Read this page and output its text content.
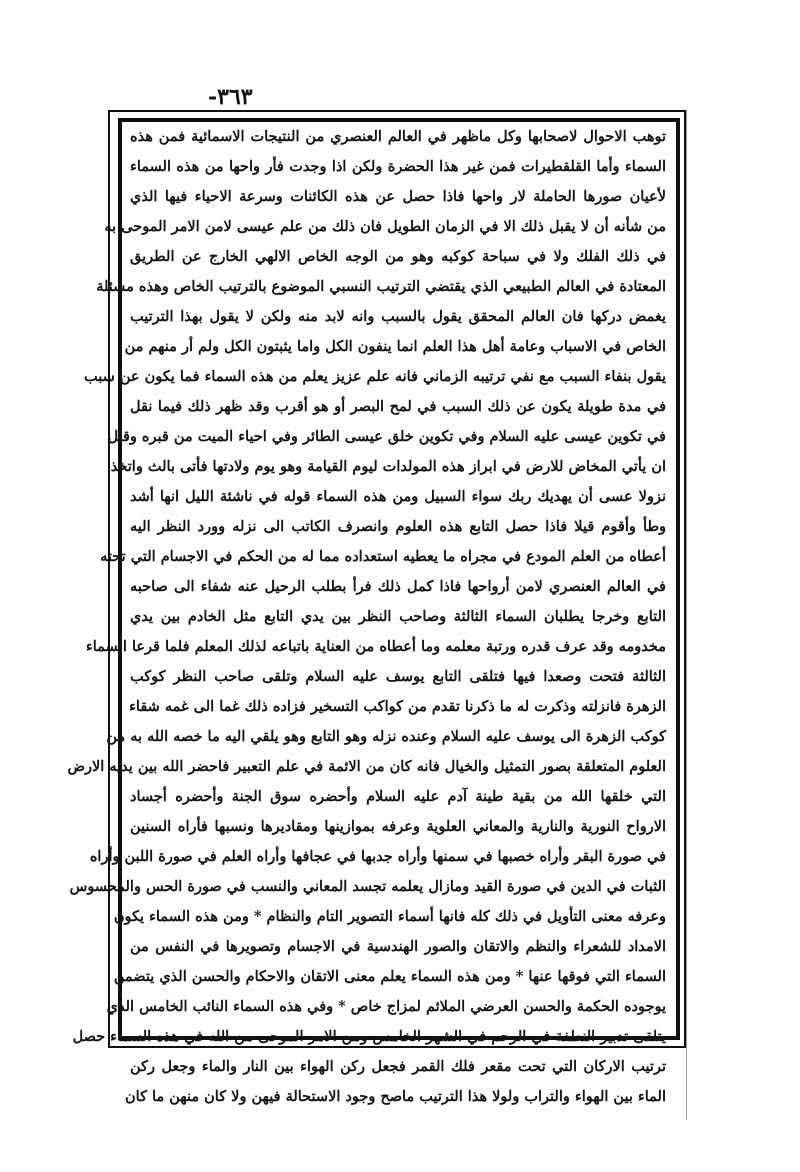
-٣٦٣
توهب الاحوال لاصحابها وكل ماظهر في العالم العنصري من النتيجات الاسمائية فمن هذه
السماء وأما القلقطيرات فمن غير هذا الحضرة ولكن اذا وجدت فأر واحها من هذه السماء
لأعيان صورها الحاملة لار واحها فاذا حصل عن هذه الكائنات وسرعة الاحياء فيها الذي
من شأنه أن لا يقبل ذلك الا في الزمان الطويل فان ذلك من علم عيسى لامن الامر الموحى به
في ذلك الفلك ولا في سباحة كوكبه وهو من الوجه الخاص الالهي الخارج عن الطريق
المعتادة في العالم الطبيعي الذي يقتضي الترتيب النسبي الموضوع بالترتيب الخاص وهذه مسئلة
يغمض دركها فان العالم المحقق يقول بالسبب وانه لابد منه ولكن لا يقول بهذا الترتيب
الخاص في الاسباب وعامة أهل هذا العلم انما ينفون الكل واما يثبتون الكل ولم أر منهم من
يقول بنفاء السبب مع نفي ترتيبه الزماني فانه علم عزيز يعلم من هذه السماء فما يكون عن سبب
في مدة طويلة يكون عن ذلك السبب في لمح البصر أو هو أقرب وقد ظهر ذلك فيما نقل
في تكوين عيسى عليه السلام وفي تكوين خلق عيسى الطائر وفي احياء الميت من قبره وقبل
ان يأتي المخاض للارض في ابراز هذه المولدات ليوم القيامة وهو يوم ولادتها فأتى بالث واتخذ
نزولا عسى أن يهديك ربك سواء السبيل ومن هذه السماء قوله في ناشئة الليل انها أشد
وطأ وأقوم قيلا فاذا حصل التابع هذه العلوم وانصرف الكاتب الى نزله وورد النظر اليه
أعطاه من العلم المودع في مجراه ما يعطيه استعداده مما له من الحكم في الاجسام التي تحته
في العالم العنصري لامن أرواحها فاذا كمل ذلك فرأ بطلب الرحيل عنه شفاء الى صاحبه
التابع وخرجا يطلبان السماء الثالثة وصاحب النظر بين يدي التابع مثل الخادم بين يدي
مخدومه وقد عرف قدره ورتبة معلمه وما أعطاه من العناية باتباعه لذلك المعلم فلما قرعا السماء
الثالثة فتحت وصعدا فيها فتلقى التابع يوسف عليه السلام وتلقى صاحب النظر كوكب
الزهرة فانزلته وذكرت له ما ذكرنا تقدم من كواكب التسخير فزاده ذلك غما الى غمه شقاء
كوكب الزهرة الى يوسف عليه السلام وعنده نزله وهو التابع وهو يلقي اليه ما خصه الله به من
العلوم المتعلقة بصور التمثيل والخيال فانه كان من الائمة في علم التعبير فاحضر الله بين يديه الارض
التي خلقها الله من بقية طينة آدم عليه السلام وأحضره سوق الجنة وأحضره أجساد
الارواح النورية والنارية والمعاني العلوية وعرفه بموازينها ومقاديرها ونسبها فأراه السنين
في صورة البقر وأراه خصبها في سمنها وأراه جدبها في عجافها وأراه العلم في صورة اللبن وأراه
الثبات في الدين في صورة القيد ومازال يعلمه تجسد المعاني والنسب في صورة الحس والمحسوس
وعرفه معنى التأويل في ذلك كله فانها أسماء التصوير التام والنظام * ومن هذه السماء يكون
الامداد للشعراء والنظم والاتقان والصور الهندسية في الاجسام وتصويرها في النفس من
السماء التي فوقها عنها * ومن هذه السماء يعلم معنى الاتقان والاحكام والحسن الذي يتضمن
يوجوده الحكمة والحسن العرضي الملائم لمزاج خاص * وفي هذه السماء النائب الخامس الذي
يتلقى تدبير النطفة في الرحم في الشهر الخامس ومن الامر الموحى من الله في هذه السماء حصل
ترتيب الاركان التي تحت مقعر فلك القمر فجعل ركن الهواء بين النار والماء وجعل ركن
الماء بين الهواء والتراب ولولا هذا الترتيب ماصح وجود الاستحالة فيهن ولا كان منهن ما كان
